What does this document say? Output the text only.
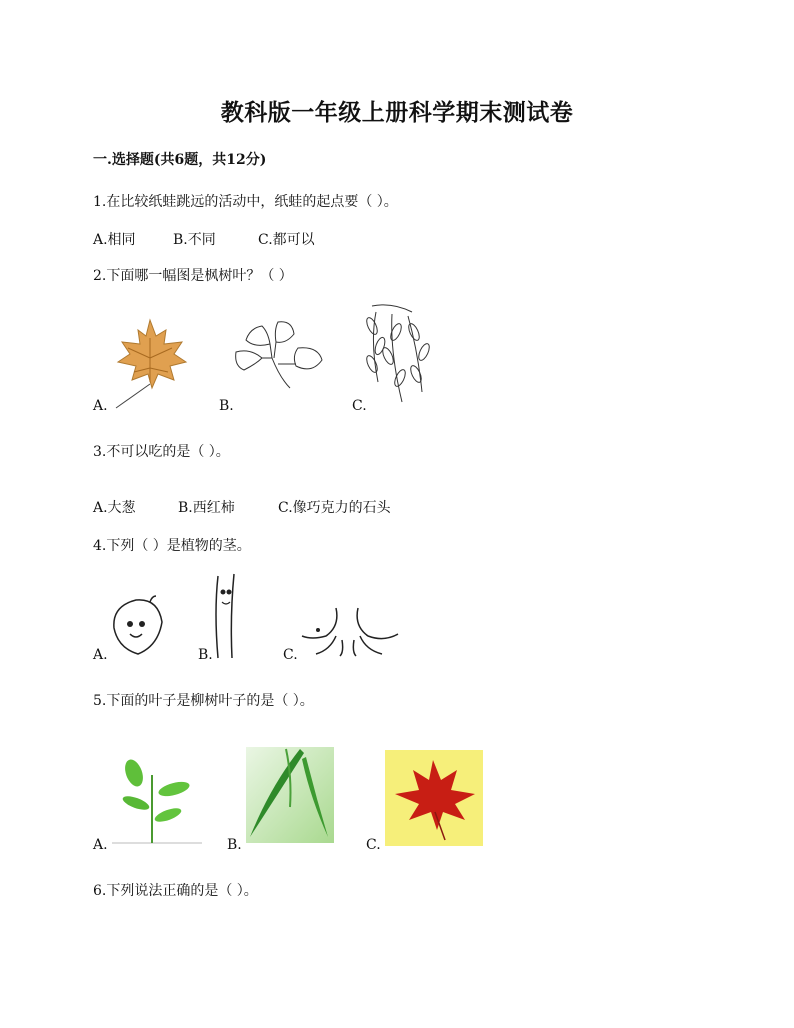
教科版一年级上册科学期末测试卷
一.选择题(共6题，共12分)
1.在比较纸蛙跳远的活动中，纸蛙的起点要（ ）。
A.相同	B.不同	C.都可以
2.下面哪一幅图是枫树叶？（ ）
A.	B.	C.
3.不可以吃的是（ ）。
A.大葱	B.西红柿	C.像巧克力的石头
4.下列（ ）是植物的茎。
A.	B.	C.
5.下面的叶子是柳树叶子的是（ ）。
A.	B.	C.
6.下列说法正确的是（ ）。
